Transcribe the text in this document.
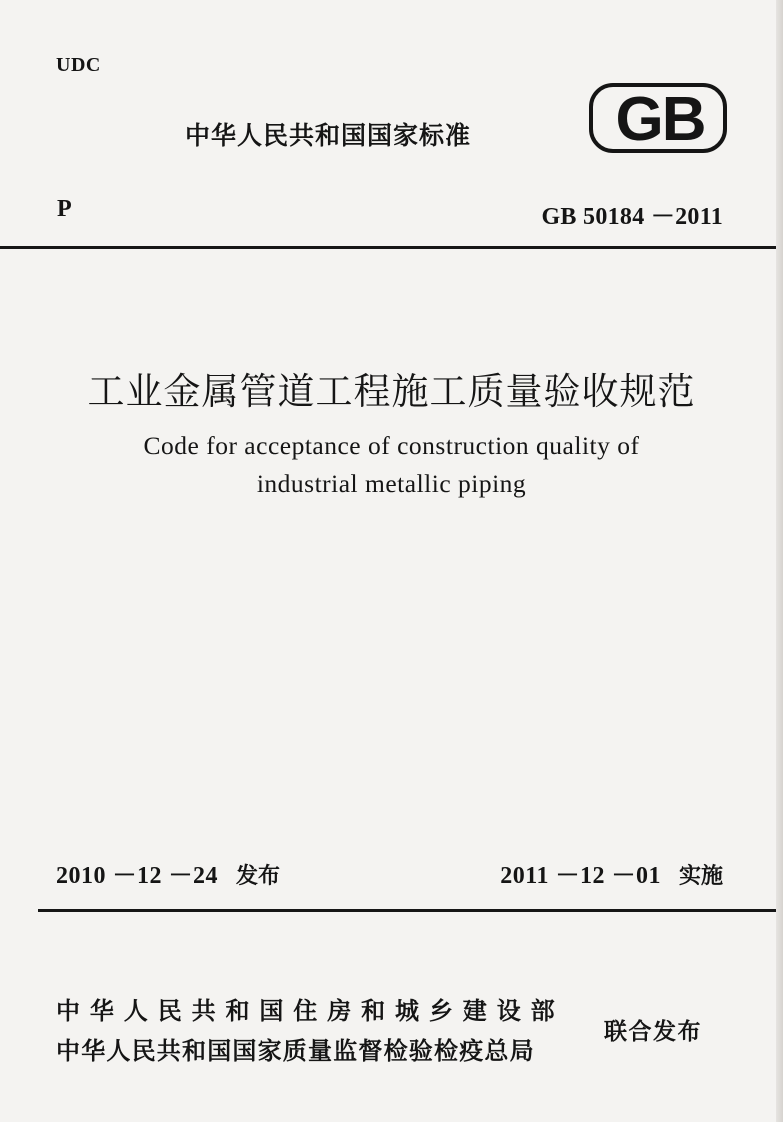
UDC
中华人民共和国国家标准 GB
P	GB 50184 －2011
工业金属管道工程施工质量验收规范
Code for acceptance of construction quality of
industrial metallic piping
2010 －12 －24 发布	2011 －12 －01 实施
中华人民共和国住房和城乡建设部
中华人民共和国国家质量监督检验检疫总局
联合发布
